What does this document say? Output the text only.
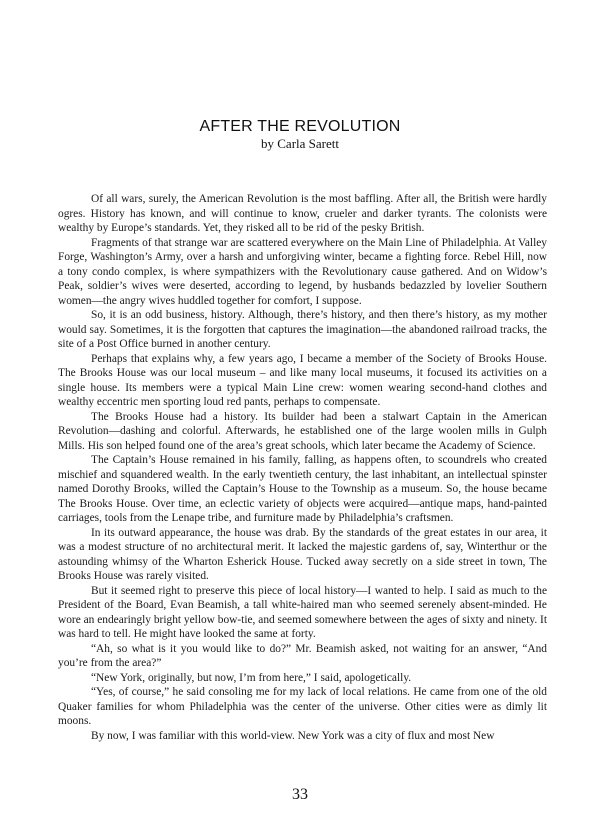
AFTER THE REVOLUTION
by Carla Sarett

Of all wars, surely, the American Revolution is the most baffling. After all, the British were hardly ogres. History has known, and will continue to know, crueler and darker tyrants. The colonists were wealthy by Europe’s standards. Yet, they risked all to be rid of the pesky British.

Fragments of that strange war are scattered everywhere on the Main Line of Philadelphia. At Valley Forge, Washington’s Army, over a harsh and unforgiving winter, became a fighting force. Rebel Hill, now a tony condo complex, is where sympathizers with the Revolutionary cause gathered. And on Widow’s Peak, soldier’s wives were deserted, according to legend, by husbands bedazzled by lovelier Southern women—the angry wives huddled together for comfort, I suppose.

So, it is an odd business, history. Although, there’s history, and then there’s history, as my mother would say. Sometimes, it is the forgotten that captures the imagination—the abandoned railroad tracks, the site of a Post Office burned in another century.

Perhaps that explains why, a few years ago, I became a member of the Society of Brooks House. The Brooks House was our local museum – and like many local museums, it focused its activities on a single house. Its members were a typical Main Line crew: women wearing second-hand clothes and wealthy eccentric men sporting loud red pants, perhaps to compensate.

The Brooks House had a history. Its builder had been a stalwart Captain in the American Revolution—dashing and colorful. Afterwards, he established one of the large woolen mills in Gulph Mills. His son helped found one of the area’s great schools, which later became the Academy of Science.

The Captain’s House remained in his family, falling, as happens often, to scoundrels who created mischief and squandered wealth. In the early twentieth century, the last inhabitant, an intellectual spinster named Dorothy Brooks, willed the Captain’s House to the Township as a museum. So, the house became The Brooks House. Over time, an eclectic variety of objects were acquired—antique maps, hand-painted carriages, tools from the Lenape tribe, and furniture made by Philadelphia’s craftsmen.

In its outward appearance, the house was drab. By the standards of the great estates in our area, it was a modest structure of no architectural merit. It lacked the majestic gardens of, say, Winterthur or the astounding whimsy of the Wharton Esherick House. Tucked away secretly on a side street in town, The Brooks House was rarely visited.

But it seemed right to preserve this piece of local history—I wanted to help. I said as much to the President of the Board, Evan Beamish, a tall white-haired man who seemed serenely absent-minded. He wore an endearingly bright yellow bow-tie, and seemed somewhere between the ages of sixty and ninety. It was hard to tell. He might have looked the same at forty.

“Ah, so what is it you would like to do?” Mr. Beamish asked, not waiting for an answer, “And you’re from the area?”

“New York, originally, but now, I’m from here,” I said, apologetically.

“Yes, of course,” he said consoling me for my lack of local relations. He came from one of the old Quaker families for whom Philadelphia was the center of the universe. Other cities were as dimly lit moons.

By now, I was familiar with this world-view. New York was a city of flux and most New

33
